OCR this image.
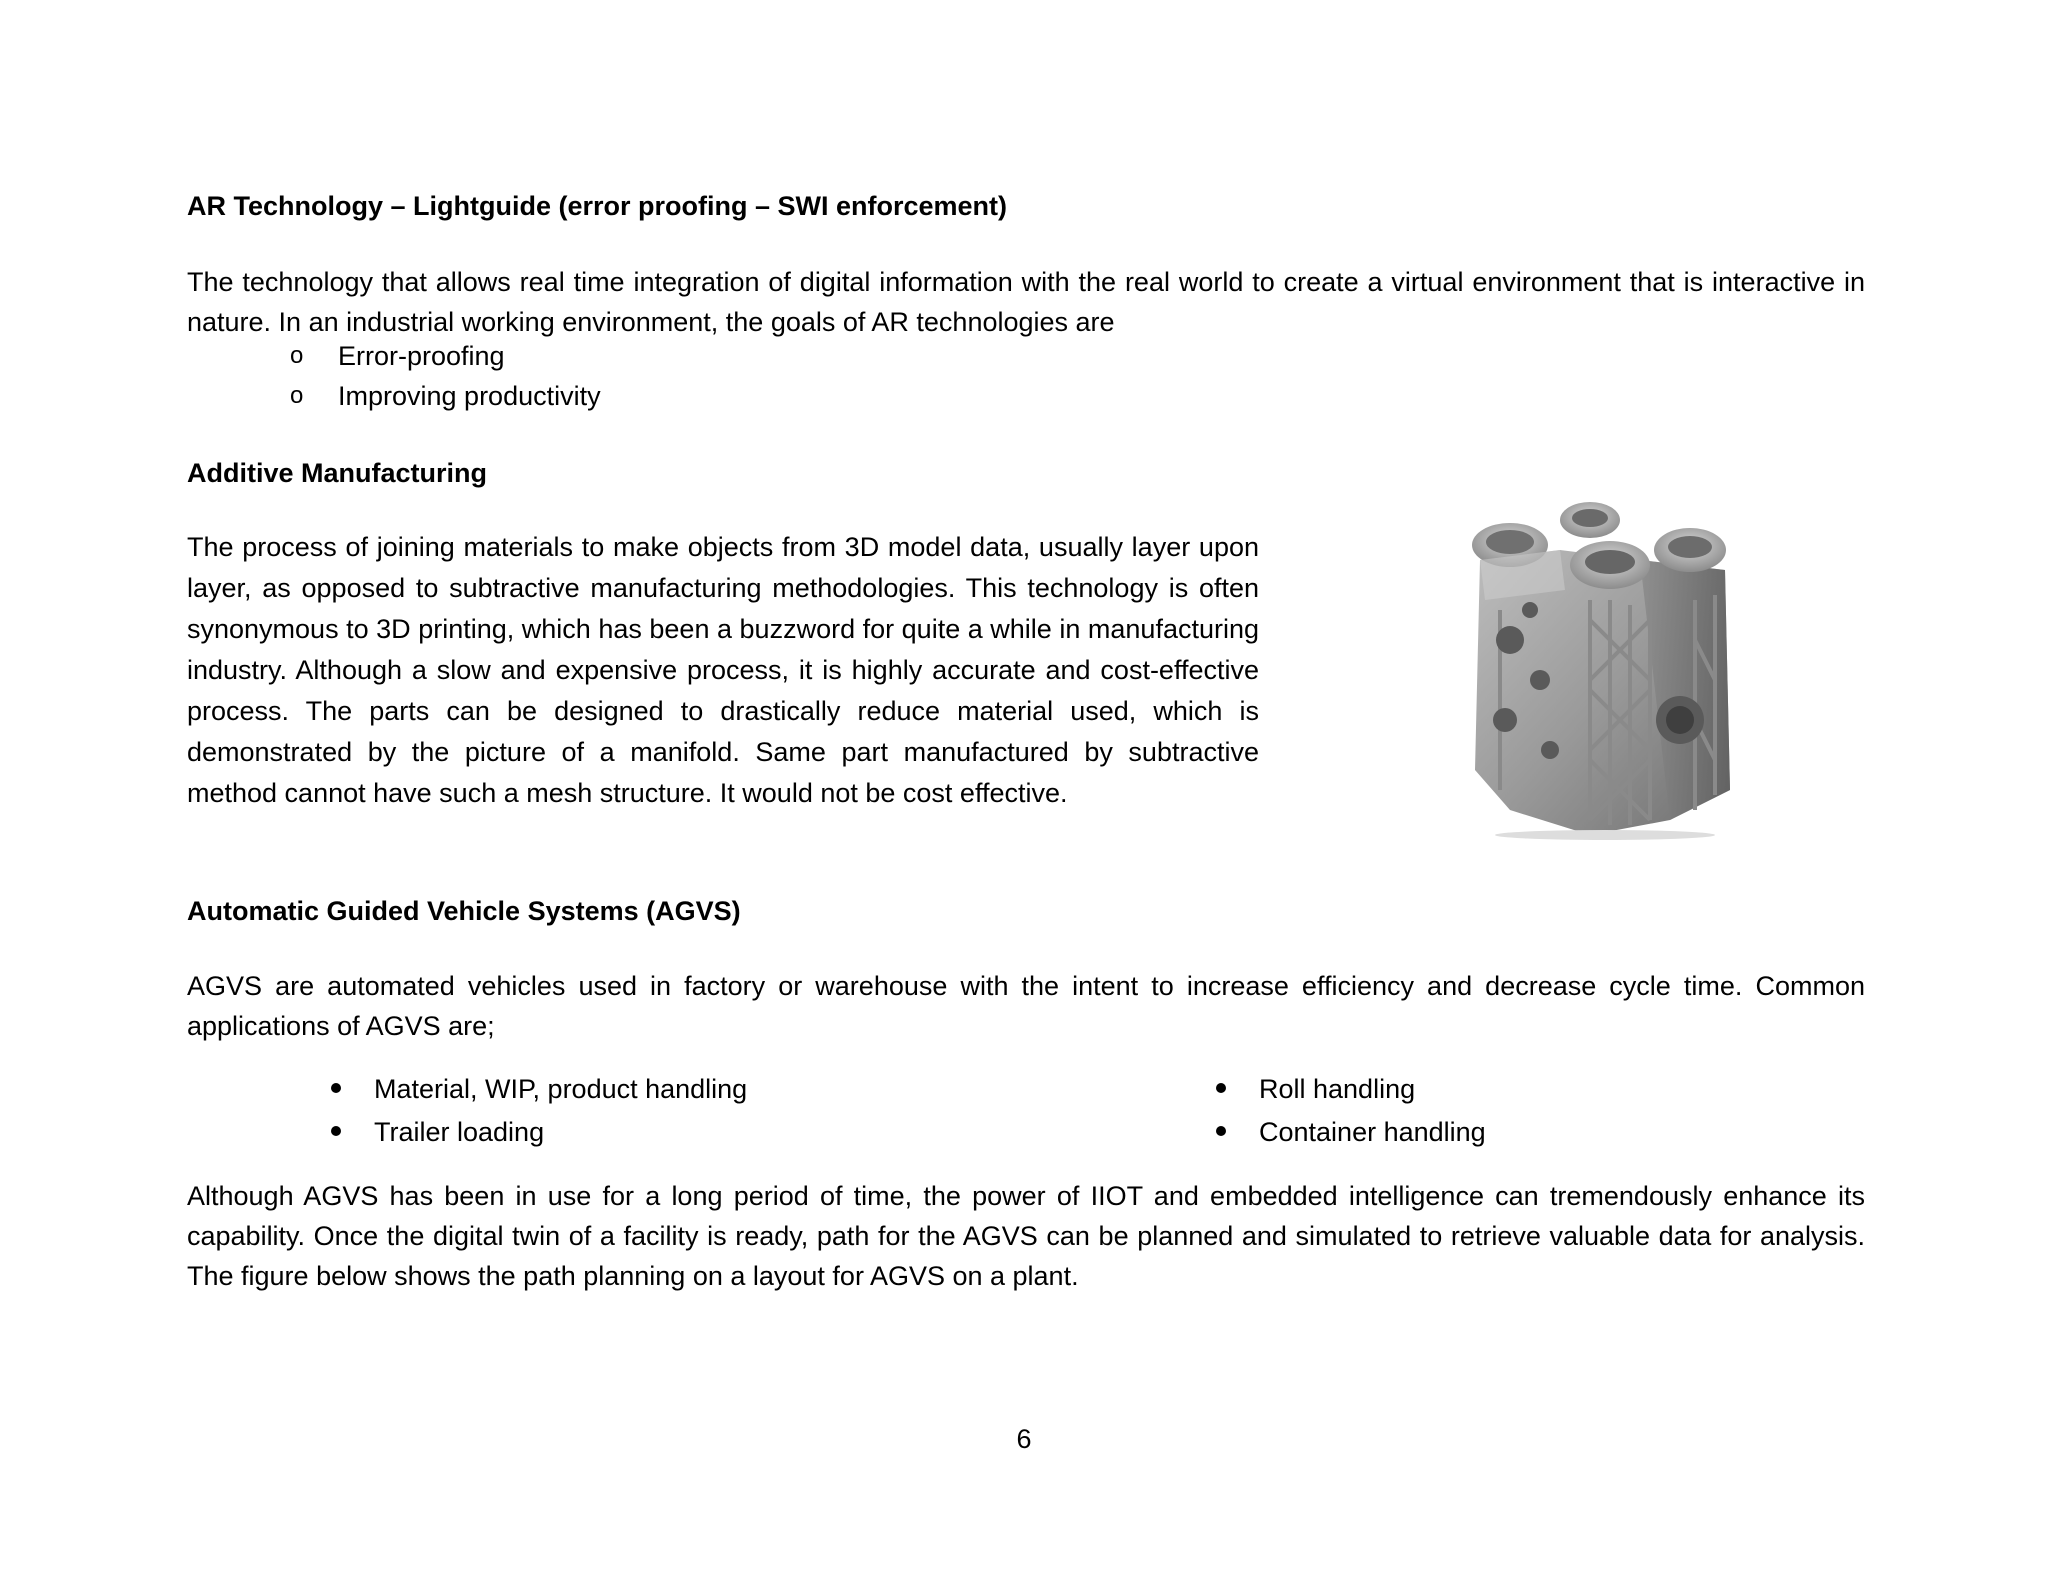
AR Technology – Lightguide (error proofing – SWI enforcement)
The technology that allows real time integration of digital information with the real world to create a virtual environment that is interactive in nature. In an industrial working environment, the goals of AR technologies are
o Error-proofing
o Improving productivity
Additive Manufacturing
The process of joining materials to make objects from 3D model data, usually layer upon layer, as opposed to subtractive manufacturing methodologies. This technology is often synonymous to 3D printing, which has been a buzzword for quite a while in manufacturing industry. Although a slow and expensive process, it is highly accurate and cost-effective process. The parts can be designed to drastically reduce material used, which is demonstrated by the picture of a manifold. Same part manufactured by subtractive method cannot have such a mesh structure. It would not be cost effective.
Automatic Guided Vehicle Systems (AGVS)
AGVS are automated vehicles used in factory or warehouse with the intent to increase efficiency and decrease cycle time. Common applications of AGVS are;
Material, WIP, product handling
Trailer loading
Roll handling
Container handling
Although AGVS has been in use for a long period of time, the power of IIOT and embedded intelligence can tremendously enhance its capability. Once the digital twin of a facility is ready, path for the AGVS can be planned and simulated to retrieve valuable data for analysis. The figure below shows the path planning on a layout for AGVS on a plant.
6
